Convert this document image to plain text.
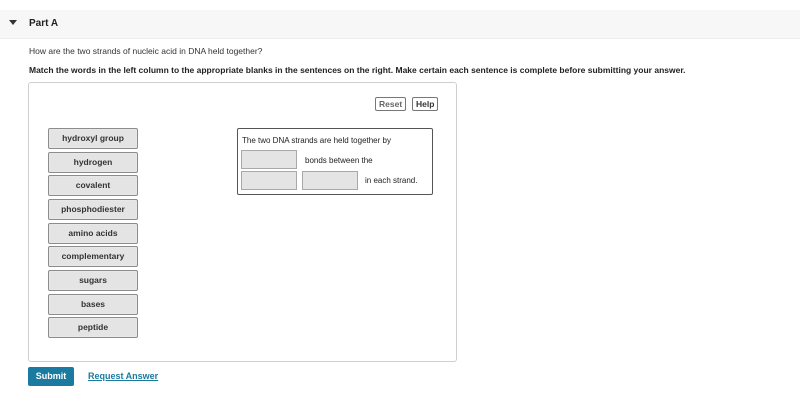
Part A
How are the two strands of nucleic acid in DNA held together?
Match the words in the left column to the appropriate blanks in the sentences on the right. Make certain each sentence is complete before submitting your answer.
Reset	Help
hydroxyl group
hydrogen
covalent
phosphodiester
amino acids
complementary
sugars
bases
peptide
The two DNA strands are held together by
bonds between the
in each strand.
Submit	Request Answer
